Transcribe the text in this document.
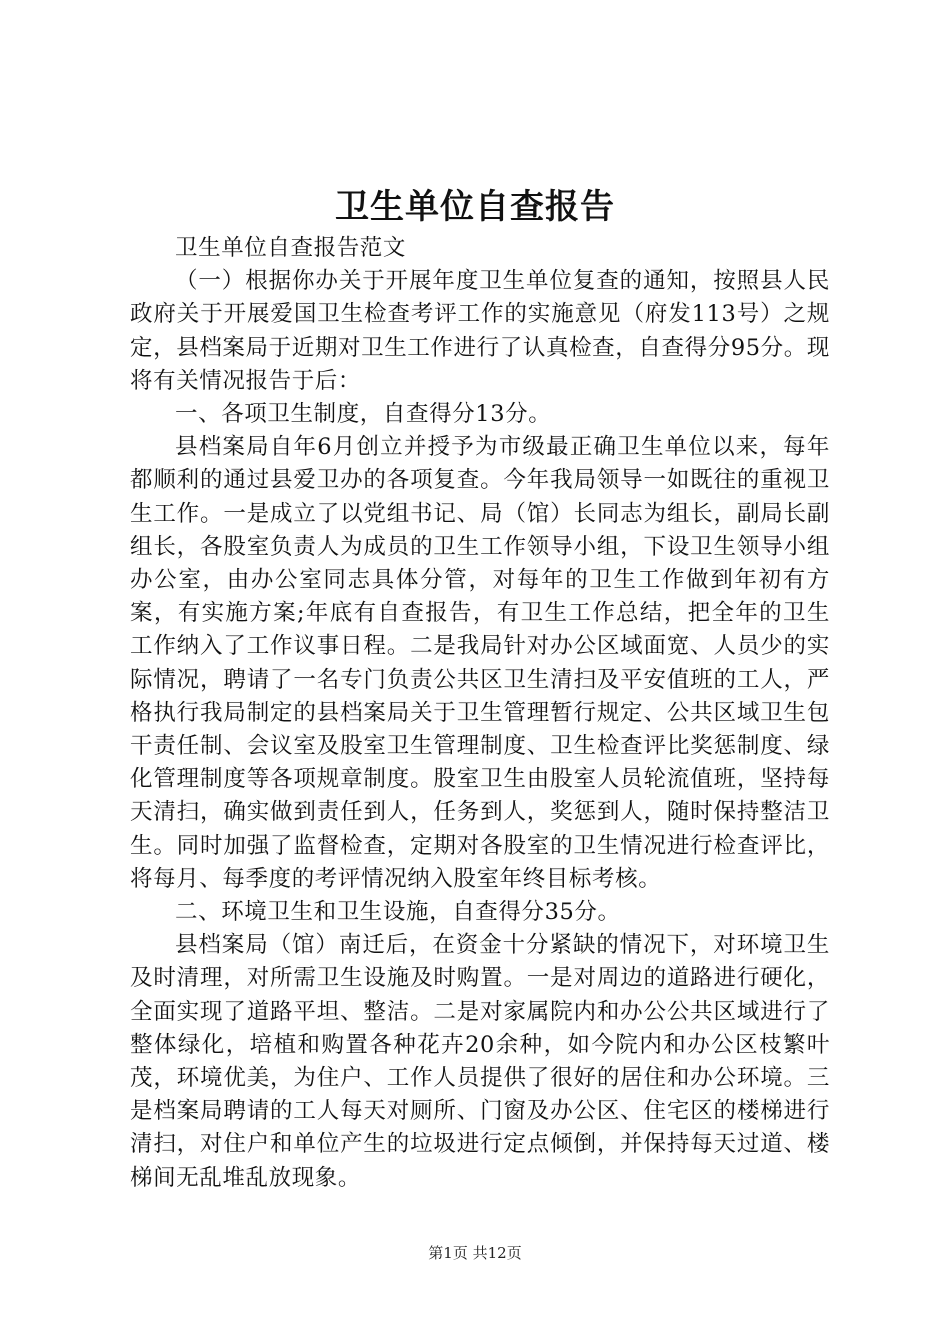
卫生单位自查报告

卫生单位自查报告范文

（一）根据你办关于开展年度卫生单位复查的通知，按照县人民政府关于开展爱国卫生检查考评工作的实施意见（府发113号）之规定，县档案局于近期对卫生工作进行了认真检查，自查得分95分。现将有关情况报告于后：

一、各项卫生制度，自查得分13分。

县档案局自年6月创立并授予为市级最正确卫生单位以来，每年都顺利的通过县爱卫办的各项复查。今年我局领导一如既往的重视卫生工作。一是成立了以党组书记、局（馆）长同志为组长，副局长副组长，各股室负责人为成员的卫生工作领导小组，下设卫生领导小组办公室，由办公室同志具体分管，对每年的卫生工作做到年初有方案，有实施方案;年底有自查报告，有卫生工作总结，把全年的卫生工作纳入了工作议事日程。二是我局针对办公区域面宽、人员少的实际情况，聘请了一名专门负责公共区卫生清扫及平安值班的工人，严格执行我局制定的县档案局关于卫生管理暂行规定、公共区域卫生包干责任制、会议室及股室卫生管理制度、卫生检查评比奖惩制度、绿化管理制度等各项规章制度。股室卫生由股室人员轮流值班，坚持每天清扫，确实做到责任到人，任务到人，奖惩到人，随时保持整洁卫生。同时加强了监督检查，定期对各股室的卫生情况进行检查评比，将每月、每季度的考评情况纳入股室年终目标考核。

二、环境卫生和卫生设施，自查得分35分。

县档案局（馆）南迁后，在资金十分紧缺的情况下，对环境卫生及时清理，对所需卫生设施及时购置。一是对周边的道路进行硬化，全面实现了道路平坦、整洁。二是对家属院内和办公公共区域进行了整体绿化，培植和购置各种花卉20余种，如今院内和办公区枝繁叶茂，环境优美，为住户、工作人员提供了很好的居住和办公环境。三是档案局聘请的工人每天对厕所、门窗及办公区、住宅区的楼梯进行清扫，对住户和单位产生的垃圾进行定点倾倒，并保持每天过道、楼梯间无乱堆乱放现象。

第1页 共12页
